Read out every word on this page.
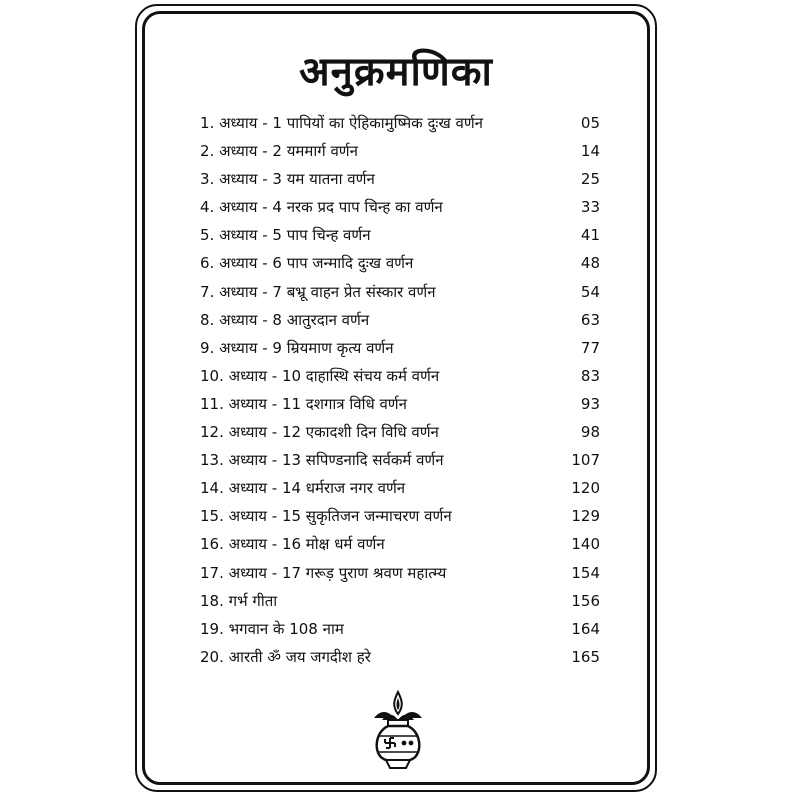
अनुक्रमणिका
1. अध्याय - 1 पापियों का ऐहिकामुष्मिक दुःख वर्णन	05
2. अध्याय - 2 यममार्ग वर्णन	14
3. अध्याय - 3 यम यातना वर्णन	25
4. अध्याय - 4 नरक प्रद पाप चिन्ह का वर्णन	33
5. अध्याय - 5 पाप चिन्ह वर्णन	41
6. अध्याय - 6 पाप जन्मादि दुःख वर्णन	48
7. अध्याय - 7 बभ्रू वाहन प्रेत संस्कार वर्णन	54
8. अध्याय - 8 आतुरदान वर्णन	63
9. अध्याय - 9 म्रियमाण कृत्य वर्णन	77
10. अध्याय - 10 दाहास्थि संचय कर्म वर्णन	83
11. अध्याय - 11 दशगात्र विधि वर्णन	93
12. अध्याय - 12 एकादशी दिन विधि वर्णन	98
13. अध्याय - 13 सपिण्डनादि सर्वकर्म वर्णन	107
14. अध्याय - 14 धर्मराज नगर वर्णन	120
15. अध्याय - 15 सुकृतिजन जन्माचरण वर्णन	129
16. अध्याय - 16 मोक्ष धर्म वर्णन	140
17. अध्याय - 17 गरूड़ पुराण श्रवण महात्म्य	154
18. गर्भ गीता	156
19. भगवान के 108 नाम	164
20. आरती ॐ जय जगदीश हरे	165
